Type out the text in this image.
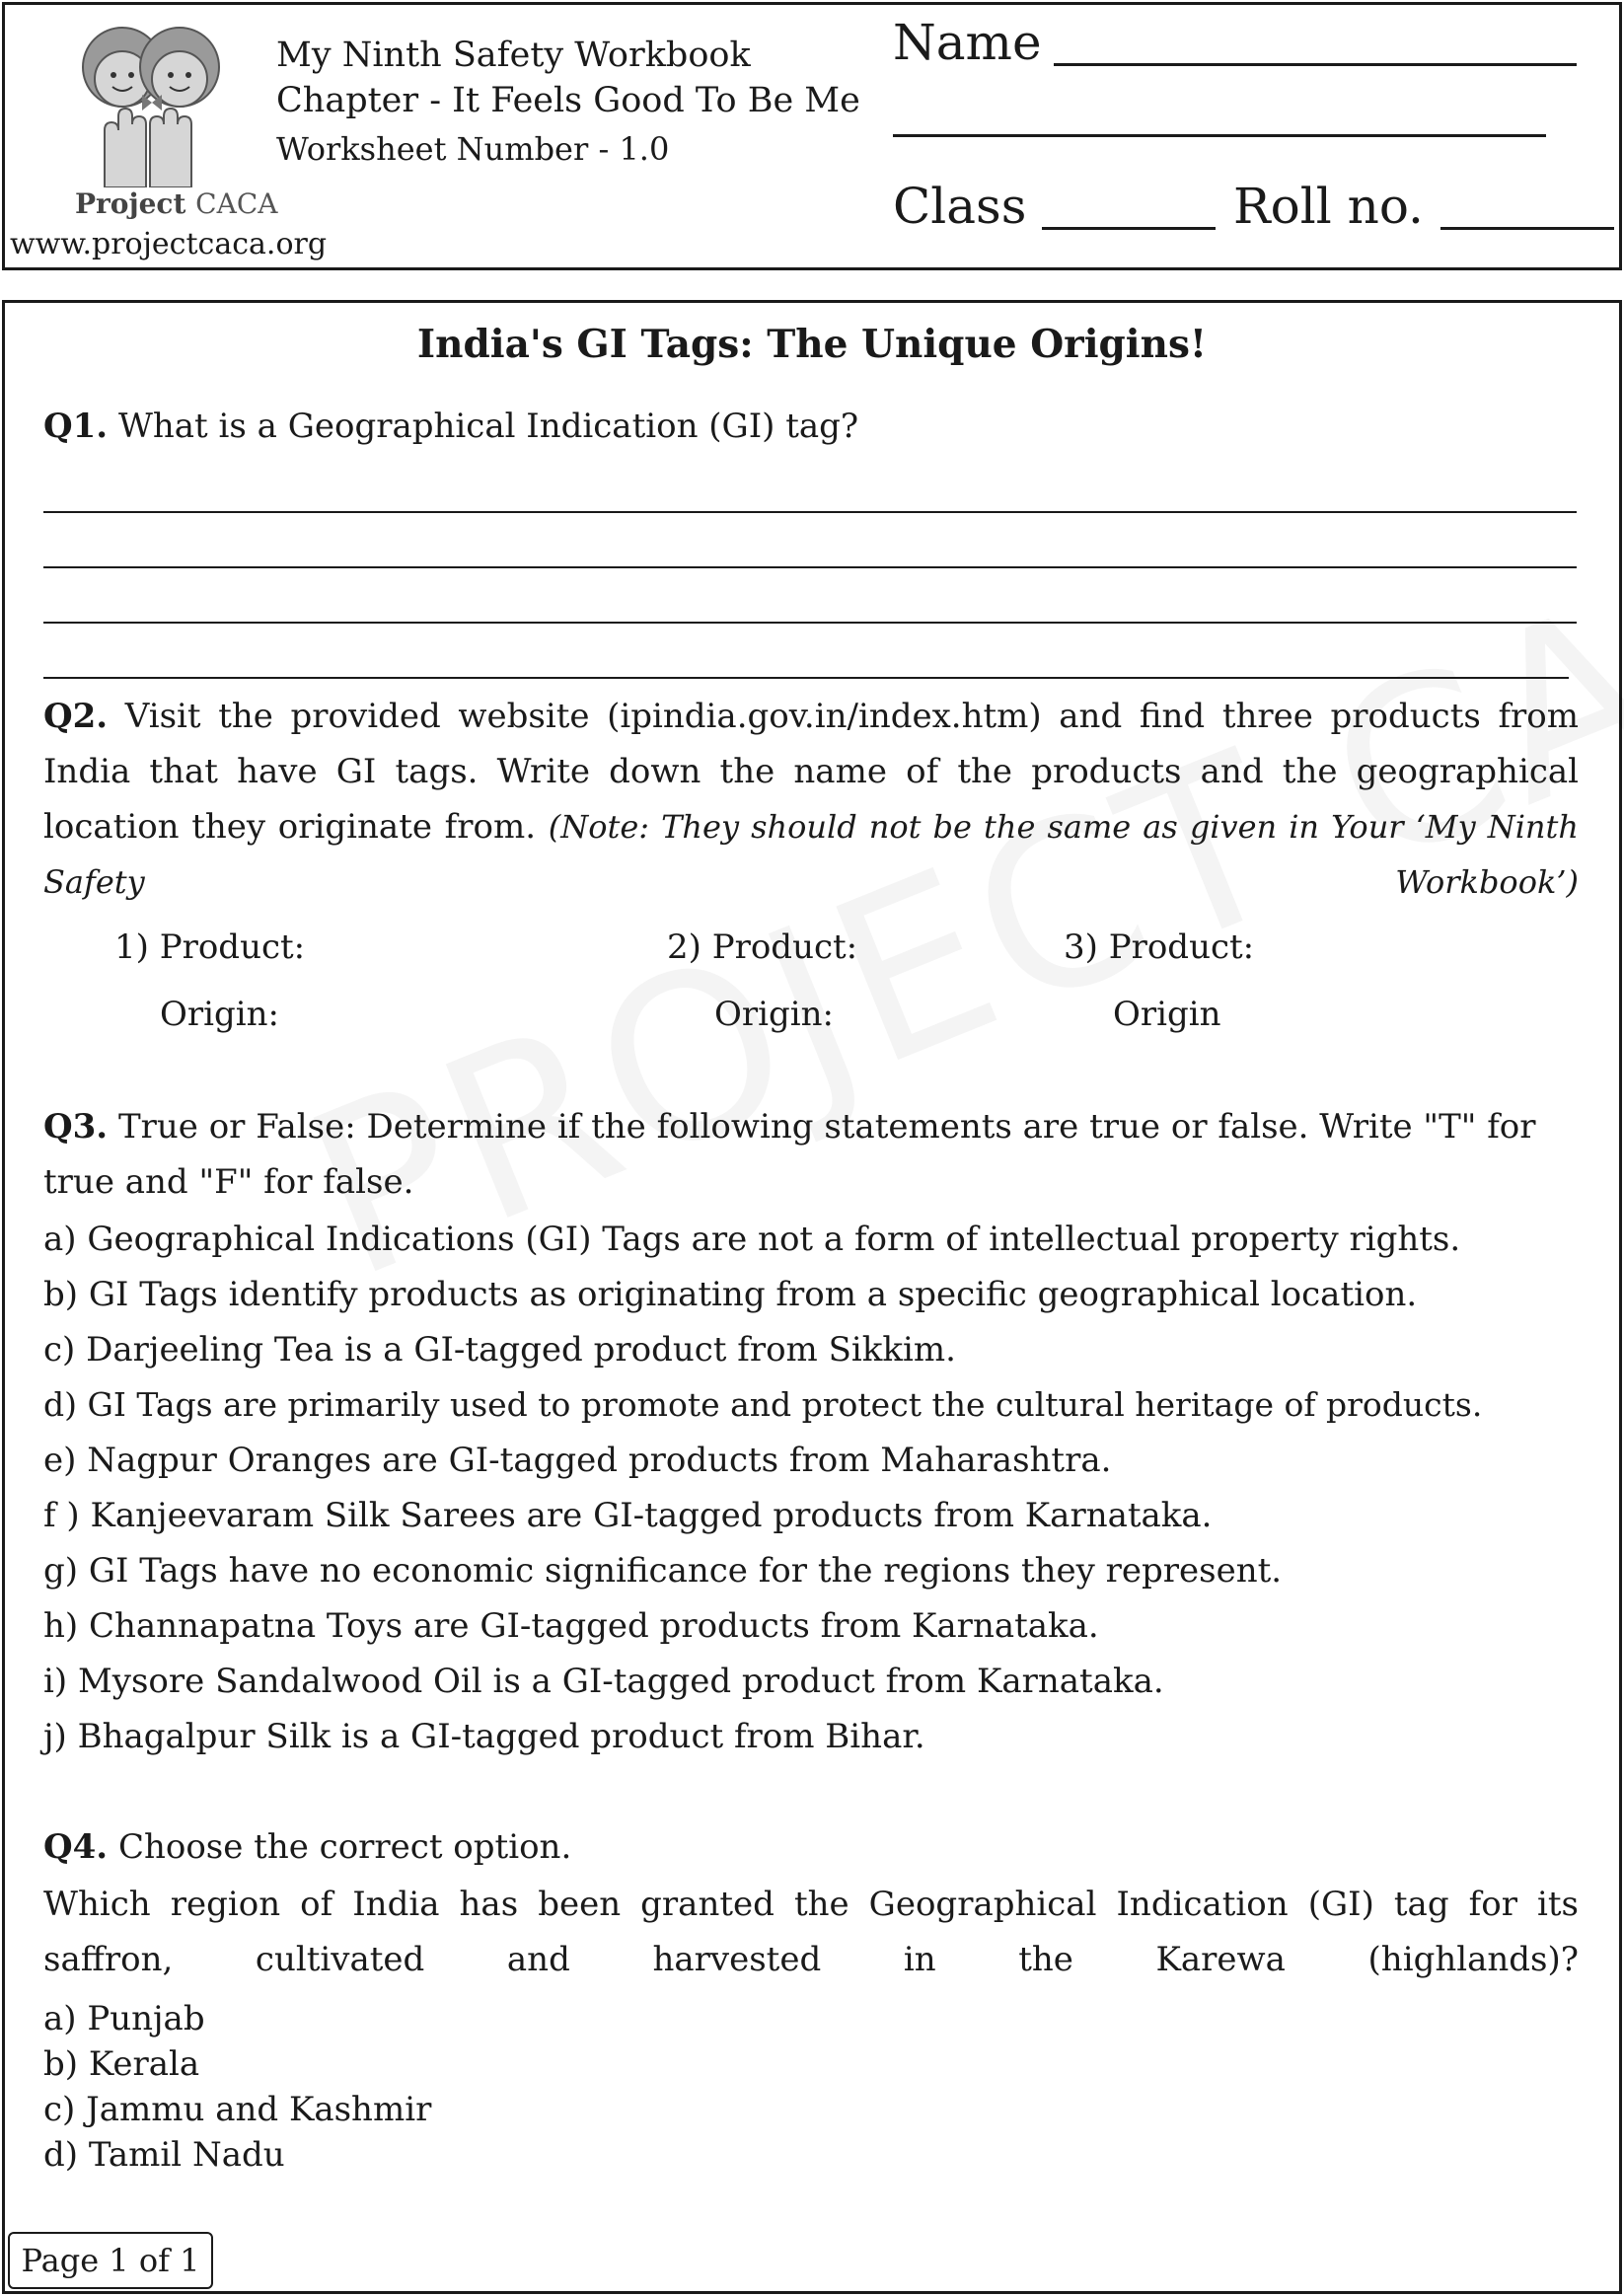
Project CACA
www.projectcaca.org
My Ninth Safety Workbook
Chapter - It Feels Good To Be Me
Worksheet Number - 1.0
Name
Class	Roll no.
India's GI Tags: The Unique Origins!
Q1. What is a Geographical Indication (GI) tag?
Q2. Visit the provided website (ipindia.gov.in/index.htm) and find three products from India that have GI tags. Write down the name of the products and the geographical location they originate from. (Note: They should not be the same as given in Your ‘My Ninth Safety Workbook’)
1) Product:	2) Product:	3) Product:
Origin:	Origin:	Origin
Q3. True or False: Determine if the following statements are true or false. Write "T" for true and "F" for false.
a) Geographical Indications (GI) Tags are not a form of intellectual property rights.
b) GI Tags identify products as originating from a specific geographical location.
c) Darjeeling Tea is a GI-tagged product from Sikkim.
d) GI Tags are primarily used to promote and protect the cultural heritage of products.
e) Nagpur Oranges are GI-tagged products from Maharashtra.
f ) Kanjeevaram Silk Sarees are GI-tagged products from Karnataka.
g) GI Tags have no economic significance for the regions they represent.
h) Channapatna Toys are GI-tagged products from Karnataka.
i) Mysore Sandalwood Oil is a GI-tagged product from Karnataka.
j) Bhagalpur Silk is a GI-tagged product from Bihar.
Q4. Choose the correct option.
Which region of India has been granted the Geographical Indication (GI) tag for its saffron, cultivated and harvested in the Karewa (highlands)?
a) Punjab
b) Kerala
c) Jammu and Kashmir
d) Tamil Nadu
Page 1 of 1
